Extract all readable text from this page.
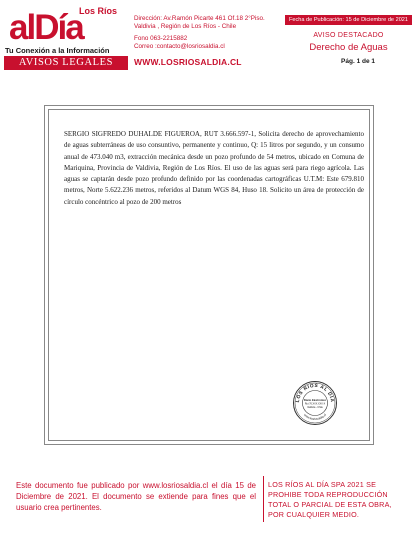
Los Ríos
alDía
Tu Conexión a la Información
AVISOS LEGALES
Dirección: Av.Ramón Picarte 461 Of.18 2°Piso.
Valdivia , Región de Los Ríos - Chile
Fono 063-2215882
Correo :contacto@losriosaldia.cl
WWW.LOSRIOSALDIA.CL
Fecha de Publicación: 15 de Diciembre de 2021
AVISO DESTACADO
Derecho de Aguas
Pág. 1 de 1

SERGIO SIGFREDO DUHALDE FIGUEROA, RUT 3.666.597-1, Solicita derecho de aprovechamiento de aguas subterráneas de uso consuntivo, permanente y continuo, Q: 15 litros por segundo, y un consumo anual de 473.040 m3, extracción mecánica desde un pozo profundo de 54 metros, ubicado en Comuna de Mariquina, Provincia de Valdivia, Región de Los Ríos. El uso de las aguas será para riego agrícola. Las aguas se captarán desde pozo profundo definido por las coordenadas cartográficas U.T.M: Este 679.810 metros, Norte 5.622.236 metros, referidos al Datum WGS 84, Huso 18. Solicito un área de protección de círculo concéntrico al pozo de 200 metros

LOS RIOS AL DIA
www.losriosaldia.cl
Diario Electrónico
Rut 76.XXX.XXX-X
Valdivia - Chile

Este documento fue publicado por www.losriosaldia.cl el día 15 de Diciembre de 2021. El documento se extiende para fines que el usuario crea pertinentes.

LOS RÍOS AL DÍA SPA 2021 SE PROHIBE TODA REPRODUCCIÓN TOTAL O PARCIAL DE ESTA OBRA, POR CUALQUIER MEDIO.
